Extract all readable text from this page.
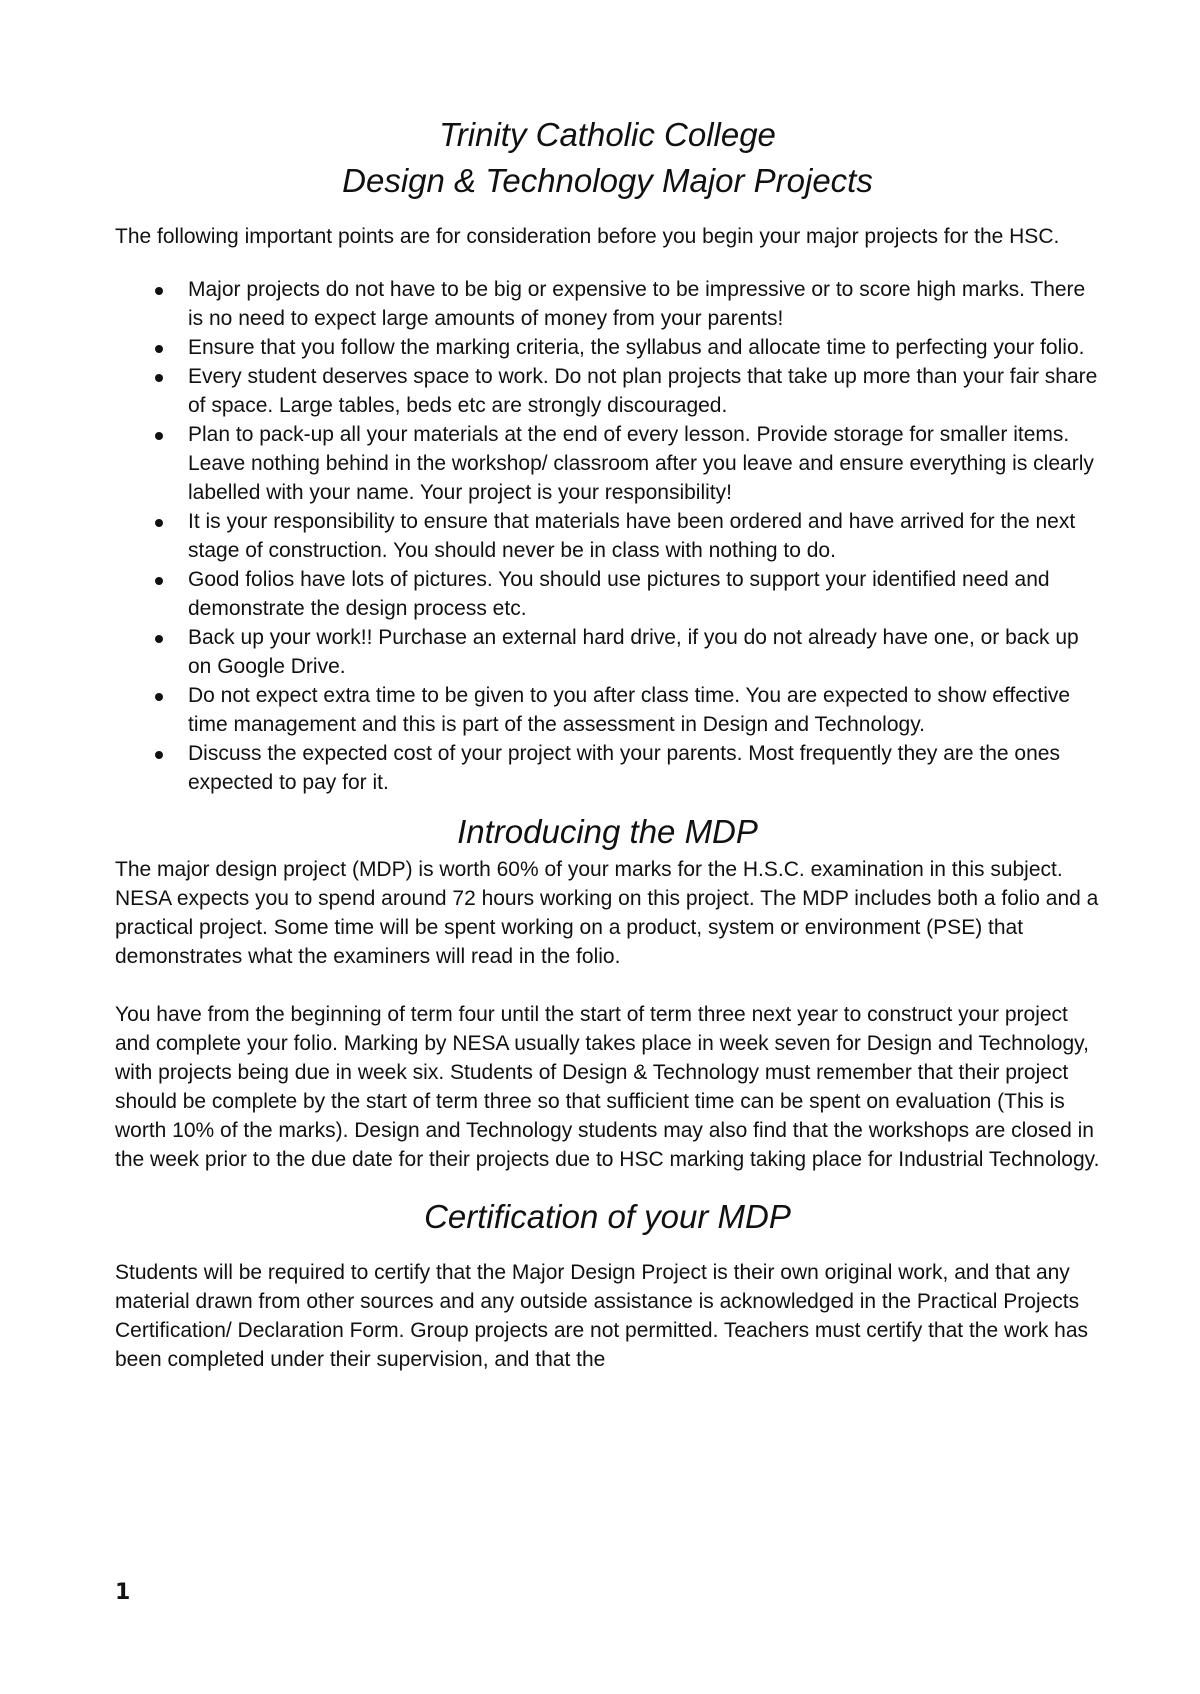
Trinity Catholic College
Design & Technology Major Projects

The following important points are for consideration before you begin your major projects for the HSC.

Major projects do not have to be big or expensive to be impressive or to score high marks. There is no need to expect large amounts of money from your parents!
Ensure that you follow the marking criteria, the syllabus and allocate time to perfecting your folio.
Every student deserves space to work. Do not plan projects that take up more than your fair share of space. Large tables, beds etc are strongly discouraged.
Plan to pack-up all your materials at the end of every lesson. Provide storage for smaller items. Leave nothing behind in the workshop/ classroom after you leave and ensure everything is clearly labelled with your name. Your project is your responsibility!
It is your responsibility to ensure that materials have been ordered and have arrived for the next stage of construction. You should never be in class with nothing to do.
Good folios have lots of pictures. You should use pictures to support your identified need and demonstrate the design process etc.
Back up your work!! Purchase an external hard drive, if you do not already have one, or back up on Google Drive.
Do not expect extra time to be given to you after class time. You are expected to show effective time management and this is part of the assessment in Design and Technology.
Discuss the expected cost of your project with your parents. Most frequently they are the ones expected to pay for it.
Introducing the MDP

The major design project (MDP) is worth 60% of your marks for the H.S.C. examination in this subject. NESA expects you to spend around 72 hours working on this project. The MDP includes both a folio and a practical project. Some time will be spent working on a product, system or environment (PSE) that demonstrates what the examiners will read in the folio.

You have from the beginning of term four until the start of term three next year to construct your project and complete your folio. Marking by NESA usually takes place in week seven for Design and Technology, with projects being due in week six. Students of Design & Technology must remember that their project should be complete by the start of term three so that sufficient time can be spent on evaluation (This is worth 10% of the marks). Design and Technology students may also find that the workshops are closed in the week prior to the due date for their projects due to HSC marking taking place for Industrial Technology.

Certification of your MDP

Students will be required to certify that the Major Design Project is their own original work, and that any material drawn from other sources and any outside assistance is acknowledged in the Practical Projects Certification/ Declaration Form. Group projects are not permitted. Teachers must certify that the work has been completed under their supervision, and that the

1
